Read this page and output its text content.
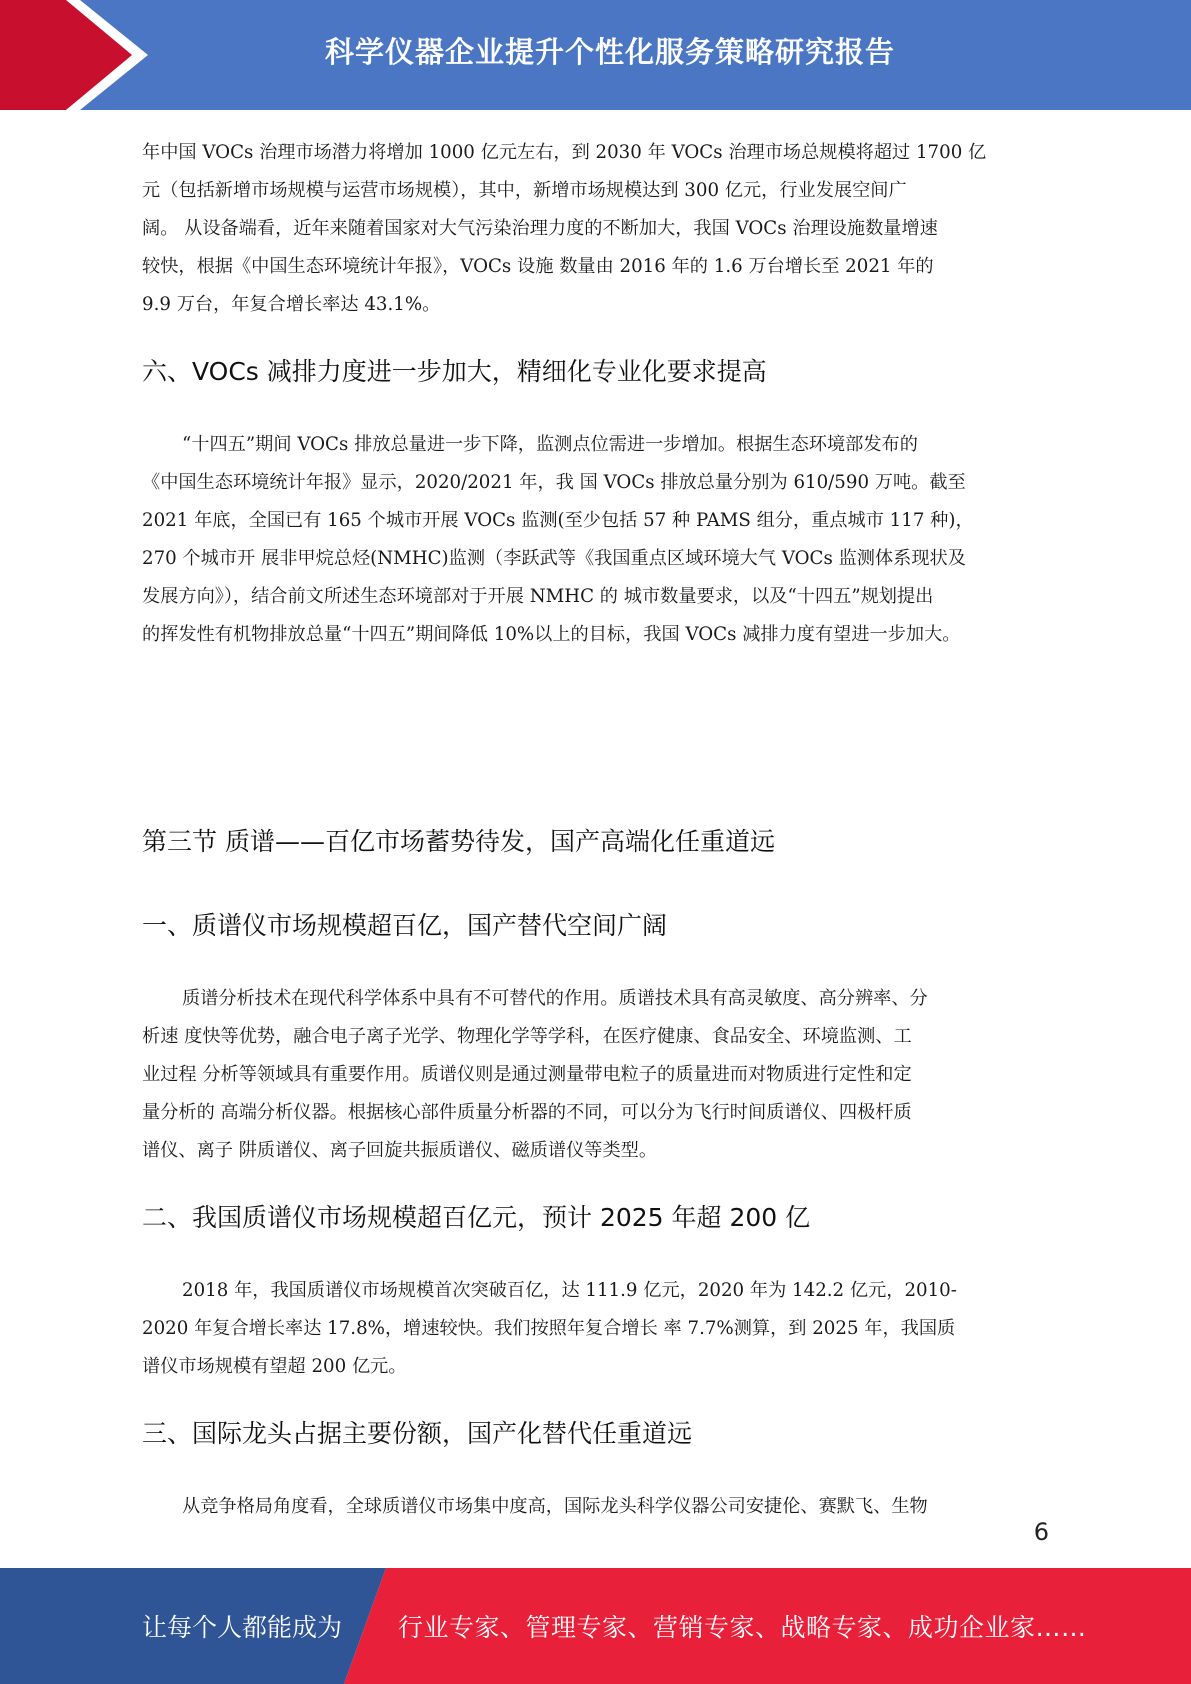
科学仪器企业提升个性化服务策略研究报告

年中国 VOCs 治理市场潜力将增加 1000 亿元左右，到 2030 年 VOCs 治理市场总规模将超过 1700 亿
元（包括新增市场规模与运营市场规模），其中，新增市场规模达到 300 亿元，行业发展空间广
阔。 从设备端看，近年来随着国家对大气污染治理力度的不断加大，我国 VOCs 治理设施数量增速
较快，根据《中国生态环境统计年报》，VOCs 设施 数量由 2016 年的 1.6 万台增长至 2021 年的
9.9 万台，年复合增长率达 43.1%。

六、VOCs 减排力度进一步加大，精细化专业化要求提高

“十四五”期间 VOCs 排放总量进一步下降，监测点位需进一步增加。根据生态环境部发布的
《中国生态环境统计年报》显示，2020/2021 年，我 国 VOCs 排放总量分别为 610/590 万吨。截至
2021 年底，全国已有 165 个城市开展 VOCs 监测(至少包括 57 种 PAMS 组分，重点城市 117 种)，
270 个城市开 展非甲烷总烃(NMHC)监测（李跃武等《我国重点区域环境大气 VOCs 监测体系现状及
发展方向》），结合前文所述生态环境部对于开展 NMHC 的 城市数量要求，以及“十四五”规划提出
的挥发性有机物排放总量“十四五”期间降低 10%以上的目标，我国 VOCs 减排力度有望进一步加大。

第三节 质谱——百亿市场蓄势待发，国产高端化任重道远
一、质谱仪市场规模超百亿，国产替代空间广阔

质谱分析技术在现代科学体系中具有不可替代的作用。质谱技术具有高灵敏度、高分辨率、分
析速 度快等优势，融合电子离子光学、物理化学等学科，在医疗健康、食品安全、环境监测、工
业过程 分析等领域具有重要作用。质谱仪则是通过测量带电粒子的质量进而对物质进行定性和定
量分析的 高端分析仪器。根据核心部件质量分析器的不同，可以分为飞行时间质谱仪、四极杆质
谱仪、离子 阱质谱仪、离子回旋共振质谱仪、磁质谱仪等类型。

二、我国质谱仪市场规模超百亿元，预计 2025 年超 200 亿

2018 年，我国质谱仪市场规模首次突破百亿，达 111.9 亿元，2020 年为 142.2 亿元，2010-
2020 年复合增长率达 17.8%，增速较快。我们按照年复合增长 率 7.7%测算，到 2025 年，我国质
谱仪市场规模有望超 200 亿元。

三、国际龙头占据主要份额，国产化替代任重道远

从竞争格局角度看，全球质谱仪市场集中度高，国际龙头科学仪器公司安捷伦、赛默飞、生物

6
让每个人都能成为 行业专家、管理专家、营销专家、战略专家、成功企业家……
